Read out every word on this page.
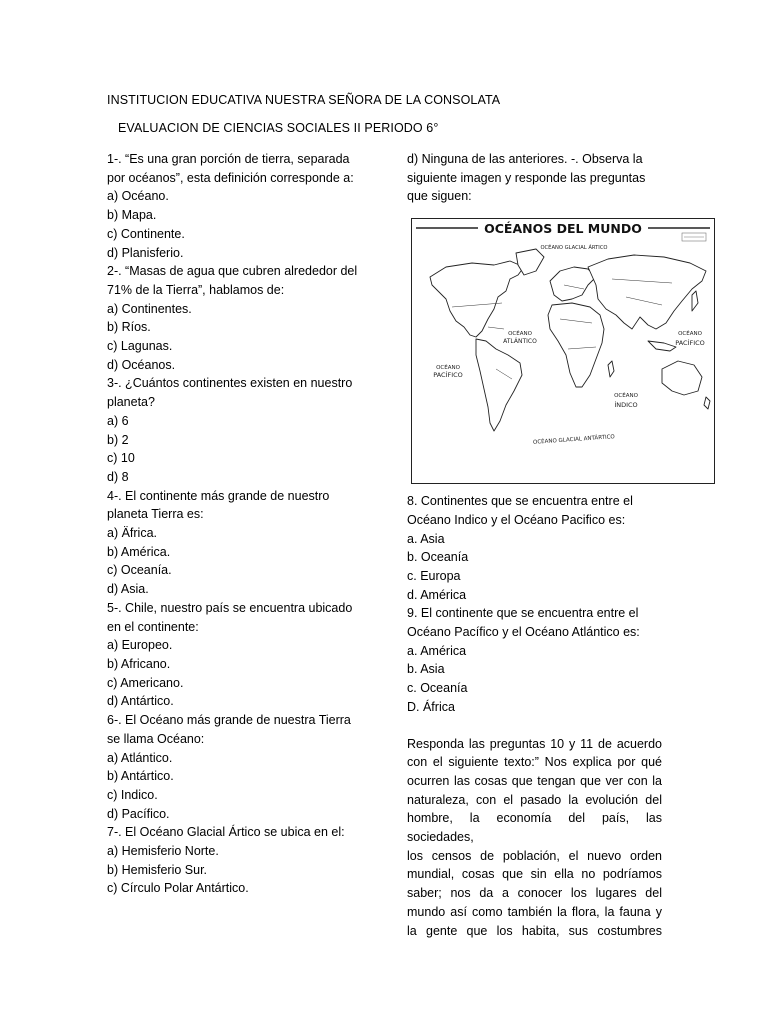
INSTITUCION EDUCATIVA NUESTRA SEÑORA DE LA CONSOLATA
EVALUACION DE CIENCIAS SOCIALES II PERIODO 6°
1-. “Es una gran porción de tierra, separada
por océanos”, esta definición corresponde a:
a) Océano.
b) Mapa.
c) Continente.
d) Planisferio.
2-. “Masas de agua que cubren alrededor del
71% de la Tierra”, hablamos de:
a) Continentes.
b) Ríos.
c) Lagunas.
d) Océanos.
3-. ¿Cuántos continentes existen en nuestro
planeta?
a) 6
b) 2
c) 10
d) 8
4-. El continente más grande de nuestro
planeta Tierra es:
a) Äfrica.
b) América.
c) Oceanía.
d) Asia.
5-. Chile, nuestro país se encuentra ubicado
en el continente:
a) Europeo.
b) Africano.
c) Americano.
d) Antártico.
6-. El Océano más grande de nuestra Tierra
se llama Océano:
a) Atlántico.
b) Antártico.
c) Indico.
d) Pacífico.
7-. El Océano Glacial Ártico se ubica en el:
a) Hemisferio Norte.
b) Hemisferio Sur.
c) Círculo Polar Antártico.
d) Ninguna de las anteriores. -. Observa la
siguiente imagen y responde las preguntas
que siguen:
OCÉANOS DEL MUNDO
OCÉANO GLACIAL ÁRTICO
OCÉANO
ATLÁNTICO
OCÉANO
PACÍFICO
OCÉANO
PACÍFICO
OCÉANO
ÍNDICO
OCÉANO GLACIAL ANTÁRTICO
8. Continentes que se encuentra entre el
Océano Indico y el Océano Pacifico es:
a. Asia
b. Oceanía
c. Europa
d. América
9. El continente que se encuentra entre el
Océano Pacífico y el Océano Atlántico es:
a. América
b. Asia
c. Oceanía
D. África
Responda las preguntas 10 y 11 de acuerdo
con el siguiente texto:” Nos explica por qué
ocurren las cosas que tengan que ver con la
naturaleza, con el pasado la evolución del
hombre, la economía del país, las sociedades,
los censos de población, el nuevo orden
mundial, cosas que sin ella no podríamos
saber; nos da a conocer los lugares del
mundo así como también la flora, la fauna y
la gente que los habita, sus costumbres
